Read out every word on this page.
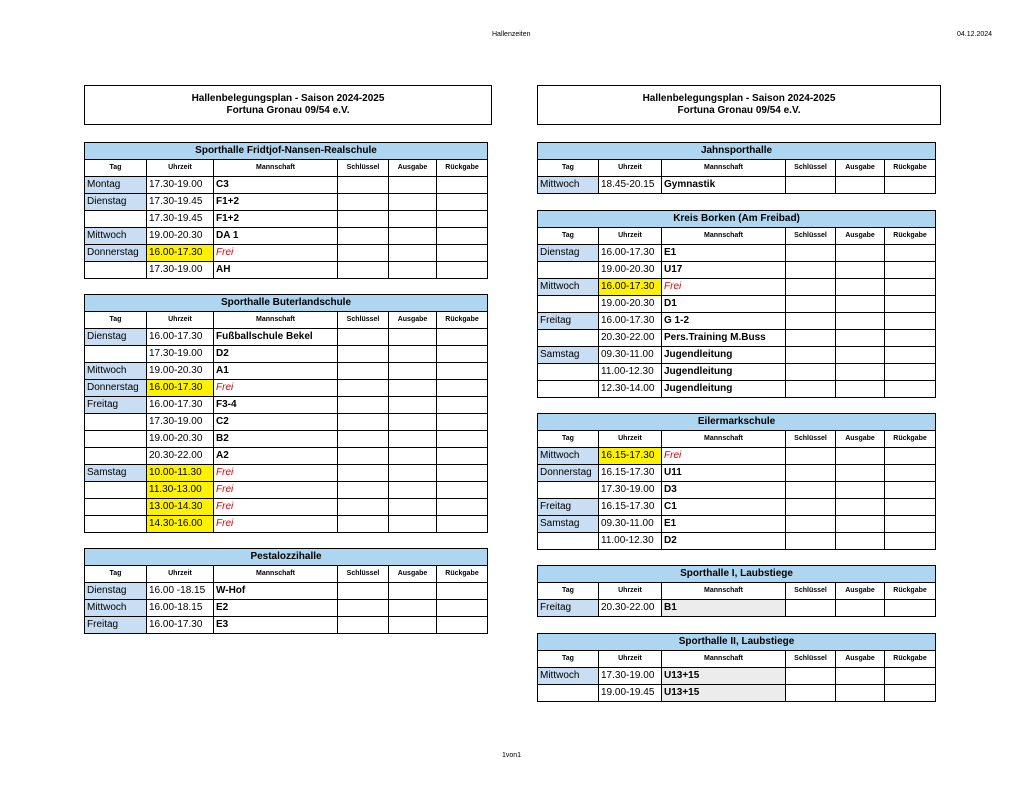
Hallenzeiten	04.12.2024
Hallenbelegungsplan - Saison 2024-2025
Fortuna Gronau 09/54 e.V.
Hallenbelegungsplan - Saison 2024-2025
Fortuna Gronau 09/54 e.V.
Sporthalle Fridtjof-Nansen-Realschule					
Tag	Uhrzeit	Mannschaft	Schlüssel	Ausgabe	Rückgabe
Montag	17.30-19.00	C3			
Dienstag	17.30-19.45	F1+2			
	17.30-19.45	F1+2			
Mittwoch	19.00-20.30	DA 1			
Donnerstag	16.00-17.30	Frei			
	17.30-19.00	AH			
Sporthalle Buterlandschule					
Tag	Uhrzeit	Mannschaft	Schlüssel	Ausgabe	Rückgabe
Dienstag	16.00-17.30	Fußballschule Bekel			
	17.30-19.00	D2			
Mittwoch	19.00-20.30	A1			
Donnerstag	16.00-17.30	Frei			
Freitag	16.00-17.30	F3-4			
	17.30-19.00	C2			
	19.00-20.30	B2			
	20.30-22.00	A2			
Samstag	10.00-11.30	Frei			
	11.30-13.00	Frei			
	13.00-14.30	Frei			
	14.30-16.00	Frei			
Pestalozzihalle					
Tag	Uhrzeit	Mannschaft	Schlüssel	Ausgabe	Rückgabe
Dienstag	16.00 -18.15	W-Hof			
Mittwoch	16.00-18.15	E2			
Freitag	16.00-17.30	E3			
Jahnsporthalle					
Tag	Uhrzeit	Mannschaft	Schlüssel	Ausgabe	Rückgabe
Mittwoch	18.45-20.15	Gymnastik			
Kreis Borken (Am Freibad)					
Tag	Uhrzeit	Mannschaft	Schlüssel	Ausgabe	Rückgabe
Dienstag	16.00-17.30	E1			
	19.00-20.30	U17			
Mittwoch	16.00-17.30	Frei			
	19.00-20.30	D1			
Freitag	16.00-17.30	G 1-2			
	20.30-22.00	Pers.Training M.Buss			
Samstag	09.30-11.00	Jugendleitung			
	11.00-12.30	Jugendleitung			
	12.30-14.00	Jugendleitung			
Eilermarkschule					
Tag	Uhrzeit	Mannschaft	Schlüssel	Ausgabe	Rückgabe
Mittwoch	16.15-17.30	Frei			
Donnerstag	16.15-17.30	U11			
	17.30-19.00	D3			
Freitag	16.15-17.30	C1			
Samstag	09.30-11.00	E1			
	11.00-12.30	D2			
Sporthalle I, Laubstiege					
Tag	Uhrzeit	Mannschaft	Schlüssel	Ausgabe	Rückgabe
Freitag	20.30-22.00	B1			
Sporthalle II, Laubstiege					
Tag	Uhrzeit	Mannschaft	Schlüssel	Ausgabe	Rückgabe
Mittwoch	17.30-19.00	U13+15			
	19.00-19.45	U13+15			
1von1
